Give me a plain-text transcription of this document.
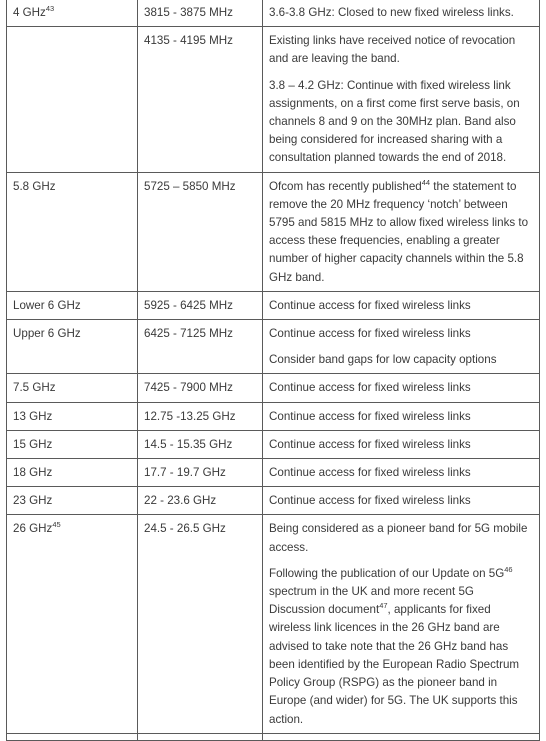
4 GHz$^{43}$	3815 - 3875 MHz	3.6-3.8 GHz: Closed to new fixed wireless links.

	4135 - 4195 MHz	Existing links have received notice of revocation and are leaving the band.

3.8 – 4.2 GHz: Continue with fixed wireless link assignments, on a first come first serve basis, on channels 8 and 9 on the 30MHz plan. Band also being considered for increased sharing with a consultation planned towards the end of 2018.

5.8 GHz	5725 – 5850 MHz	Ofcom has recently published$^{44}$ the statement to remove the 20 MHz frequency ‘notch’ between 5795 and 5815 MHz to allow fixed wireless links to access these frequencies, enabling a greater number of higher capacity channels within the 5.8 GHz band.

Lower 6 GHz	5925 - 6425 MHz	Continue access for fixed wireless links

Upper 6 GHz	6425 - 7125 MHz	Continue access for fixed wireless links

Consider band gaps for low capacity options

7.5 GHz	7425 - 7900 MHz	Continue access for fixed wireless links

13 GHz	12.75 -13.25 GHz	Continue access for fixed wireless links

15 GHz	14.5 - 15.35 GHz	Continue access for fixed wireless links

18 GHz	17.7 - 19.7 GHz	Continue access for fixed wireless links

23 GHz	22 - 23.6 GHz	Continue access for fixed wireless links

26 GHz$^{45}$	24.5 - 26.5 GHz	Being considered as a pioneer band for 5G mobile access.

Following the publication of our Update on $5G^{46}$ spectrum in the UK and more recent 5G Discussion document$^{47}$, applicants for fixed wireless link licences in the 26 GHz band are advised to take note that the 26 GHz band has been identified by the European Radio Spectrum Policy Group (RSPG) as the pioneer band in Europe (and wider) for 5G. The UK supports this action.
